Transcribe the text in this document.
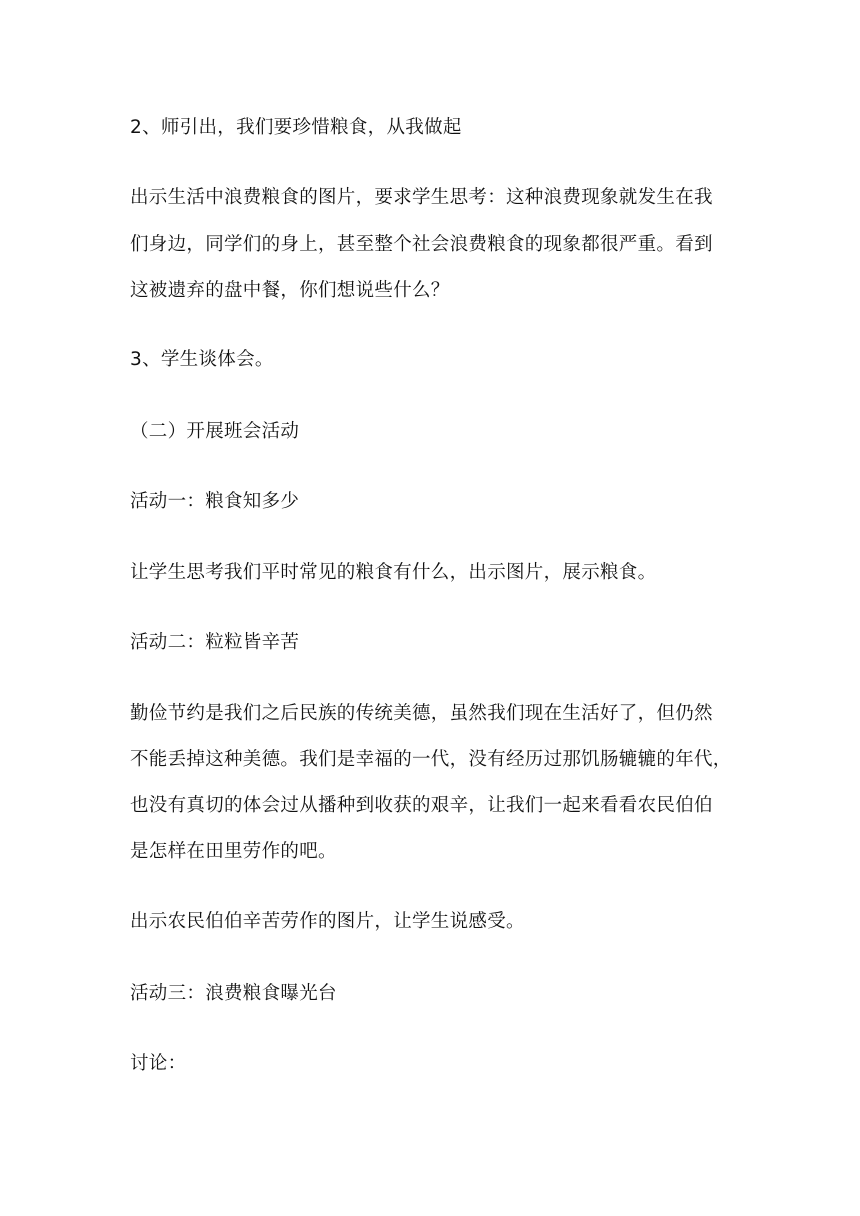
2、师引出，我们要珍惜粮食，从我做起
出示生活中浪费粮食的图片，要求学生思考：这种浪费现象就发生在我
们身边，同学们的身上，甚至整个社会浪费粮食的现象都很严重。看到
这被遗弃的盘中餐，你们想说些什么？
3、学生谈体会。
（二）开展班会活动
活动一：粮食知多少
让学生思考我们平时常见的粮食有什么，出示图片，展示粮食。
活动二：粒粒皆辛苦
勤俭节约是我们之后民族的传统美德，虽然我们现在生活好了，但仍然
不能丢掉这种美德。我们是幸福的一代，没有经历过那饥肠辘辘的年代，
也没有真切的体会过从播种到收获的艰辛，让我们一起来看看农民伯伯
是怎样在田里劳作的吧。
出示农民伯伯辛苦劳作的图片，让学生说感受。
活动三：浪费粮食曝光台
讨论：
